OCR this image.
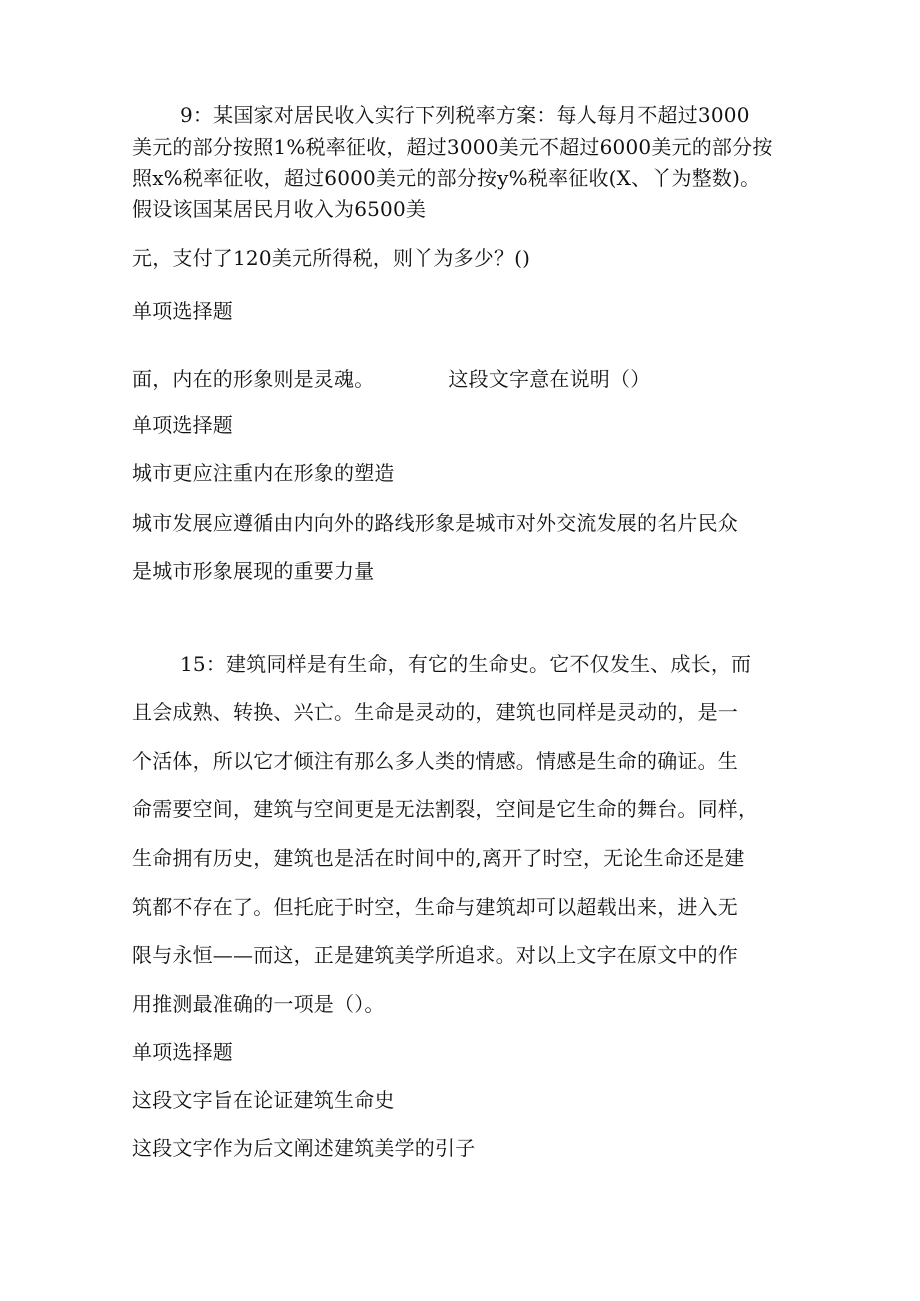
9：某国家对居民收入实行下列税率方案：每人每月不超过3000
美元的部分按照1%税率征收，超过3000美元不超过6000美元的部分按
照x%税率征收，超过6000美元的部分按y%税率征收(X、丫为整数)。
假设该国某居民月收入为6500美
元，支付了120美元所得税，则丫为多少？()
单项选择题
面，内在的形象则是灵魂。	这段文字意在说明（）
单项选择题
城市更应注重内在形象的塑造
城市发展应遵循由内向外的路线形象是城市对外交流发展的名片民众
是城市形象展现的重要力量
15：建筑同样是有生命，有它的生命史。它不仅发生、成长，而
且会成熟、转换、兴亡。生命是灵动的，建筑也同样是灵动的，是一
个活体，所以它才倾注有那么多人类的情感。情感是生命的确证。生
命需要空间，建筑与空间更是无法割裂，空间是它生命的舞台。同样，
生命拥有历史，建筑也是活在时间中的,离开了时空，无论生命还是建
筑都不存在了。但托庇于时空，生命与建筑却可以超载出来，进入无
限与永恒——而这，正是建筑美学所追求。对以上文字在原文中的作
用推测最准确的一项是（）。
单项选择题
这段文字旨在论证建筑生命史
这段文字作为后文阐述建筑美学的引子
